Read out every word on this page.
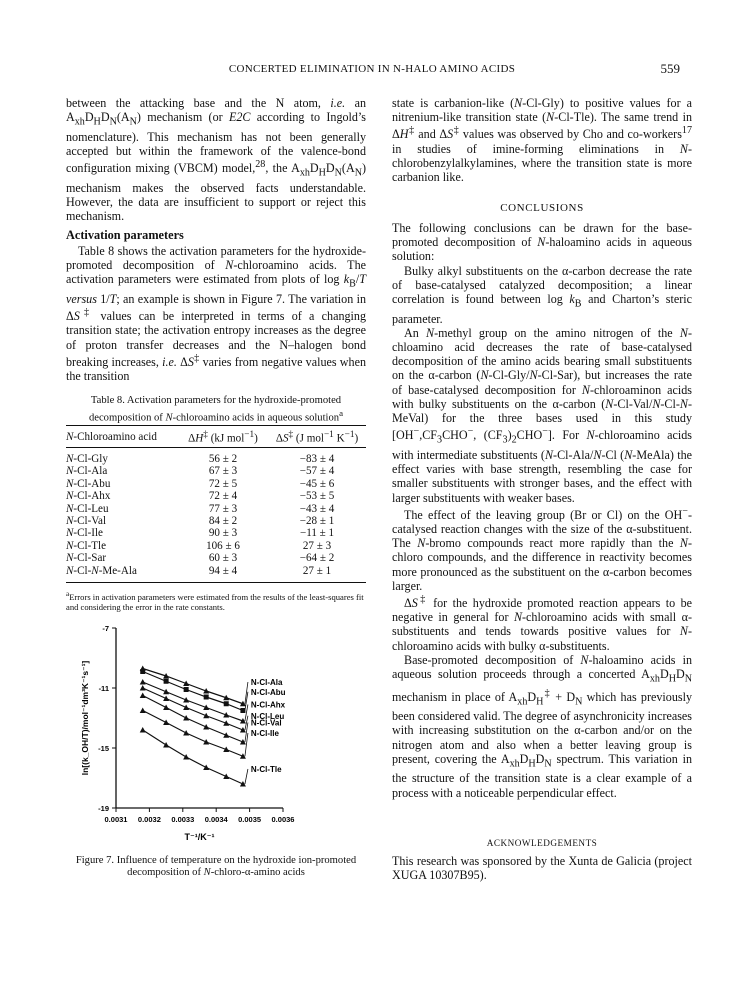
CONCERTED ELIMINATION IN N-HALO AMINO ACIDS	559

between the attacking base and the N atom, i.e. an $A_{xh}D_HD_N(A_N)$ mechanism (or E2C according to Ingold’s nomenclature). This mechanism has not been generally accepted but within the framework of the valence-bond configuration mixing (VBCM) model,$^{28}$, the $A_{xh}D_HD_N(A_N)$ mechanism makes the observed facts understandable. However, the data are insufficient to support or reject this mechanism.

Activation parameters

Table 8 shows the activation parameters for the hydroxide-promoted decomposition of N-chloroamino acids. The activation parameters were estimated from plots of $\log k_B/T$ versus 1/T; an example is shown in Figure 7. The variation in ΔS‡ values can be interpreted in terms of a changing transition state; the activation entropy increases as the degree of proton transfer decreases and the N–halogen bond breaking increases, i.e. ΔS‡ varies from negative values when the transition

Table 8. Activation parameters for the hydroxide-promoted decomposition of N-chloroamino acids in aqueous solution$^a$
N-Chloroamino acid	ΔH‡ (kJ mol$^{-1}$)	ΔS‡ (J mol$^{-1}$ $K^{-1}$)
N-Cl-Gly	56 ± 2	−83 ± 4
N-Cl-Ala	67 ± 3	−57 ± 4
N-Cl-Abu	72 ± 5	−45 ± 6
N-Cl-Ahx	72 ± 4	−53 ± 5
N-Cl-Leu	77 ± 3	−43 ± 4
N-Cl-Val	84 ± 2	−28 ± 1
N-Cl-Ile	90 ± 3	−11 ± 1
N-Cl-Tle	106 ± 6	27 ± 3
N-Cl-Sar	60 ± 3	−64 ± 2
N-Cl-N-Me-Ala	94 ± 4	27 ± 1
$^a$Errors in activation parameters were estimated from the results of the least-squares fit and considering the error in the rate constants.
0.0031 0.0032 0.0033 0.0034 0.0035 0.0036
-7
-11
-15
-19
T⁻¹/K⁻¹
ln[(k_OH/T)/mol⁻¹dm³K⁻¹s⁻¹]	N-Cl-Ala
N-Cl-Abu
N-Cl-Ahx
N-Cl-Leu
N-Cl-Val
N-Cl-Ile
N-Cl-Tle
Figure 7. Influence of temperature on the hydroxide ion-promoted decomposition of N-chloro-α-amino acids

state is carbanion-like (N-Cl-Gly) to positive values for a nitrenium-like transition state (N-Cl-Tle). The same trend in ΔH‡ and ΔS‡ values was observed by Cho and co-workers$^{17}$ in studies of imine-forming eliminations in N-chlorobenzylalkylamines, where the transition state is more carbanion like.

CONCLUSIONS

The following conclusions can be drawn for the base-promoted decomposition of N-haloamino acids in aqueous solution:

Bulky alkyl substituents on the α-carbon decrease the rate of base-catalysed catalyzed decomposition; a linear correlation is found between $\log k_B$ and Charton’s steric parameter.

An N-methyl group on the amino nitrogen of the N-chloamino acid decreases the rate of base-catalysed decomposition of the amino acids bearing small substituents on the α-carbon (N-Cl-Gly/N-Cl-Sar), but increases the rate of base-catalysed decomposition for N-chloroaminon acids with bulky substituents on the α-carbon (N-Cl-Val/N-Cl-N-MeVal) for the three bases used in this study [$OH^-,CF_3CHO^-$, $(CF_3)_2CHO^-$]. For N-chloroamino acids with intermediate substituents (N-Cl-Ala/N-Cl (N-MeAla) the effect varies with base strength, resembling the case for smaller substituents with stronger bases, and the effect with larger substituents with weaker bases.

The effect of the leaving group (Br or Cl) on the OH−-catalysed reaction changes with the size of the α-substituent. The N-bromo compounds react more rapidly than the N-chloro compounds, and the difference in reactivity becomes more pronounced as the substituent on the α-carbon becomes larger.

ΔS‡ for the hydroxide promoted reaction appears to be negative in general for N-chloroamino acids with small α-substituents and tends towards positive values for N-chloroamino acids with bulky α-substituents.

Base-promoted decomposition of N-haloamino acids in aqueous solution proceeds through a concerted $A_{xh}D_HD_N$ mechanism in place of $A_{xh}D_H^\ddagger + D_N$ which has previously been considered valid. The degree of asynchronicity increases with increasing substitution on the α-carbon and/or on the nitrogen atom and also when a better leaving group is present, covering the $A_{xh}D_HD_N$ spectrum. This variation in the structure of the transition state is a clear example of a process with a noticeable perpendicular effect.

ACKNOWLEDGEMENTS
This research was sponsored by the Xunta de Galicia (project XUGA 10307B95).
